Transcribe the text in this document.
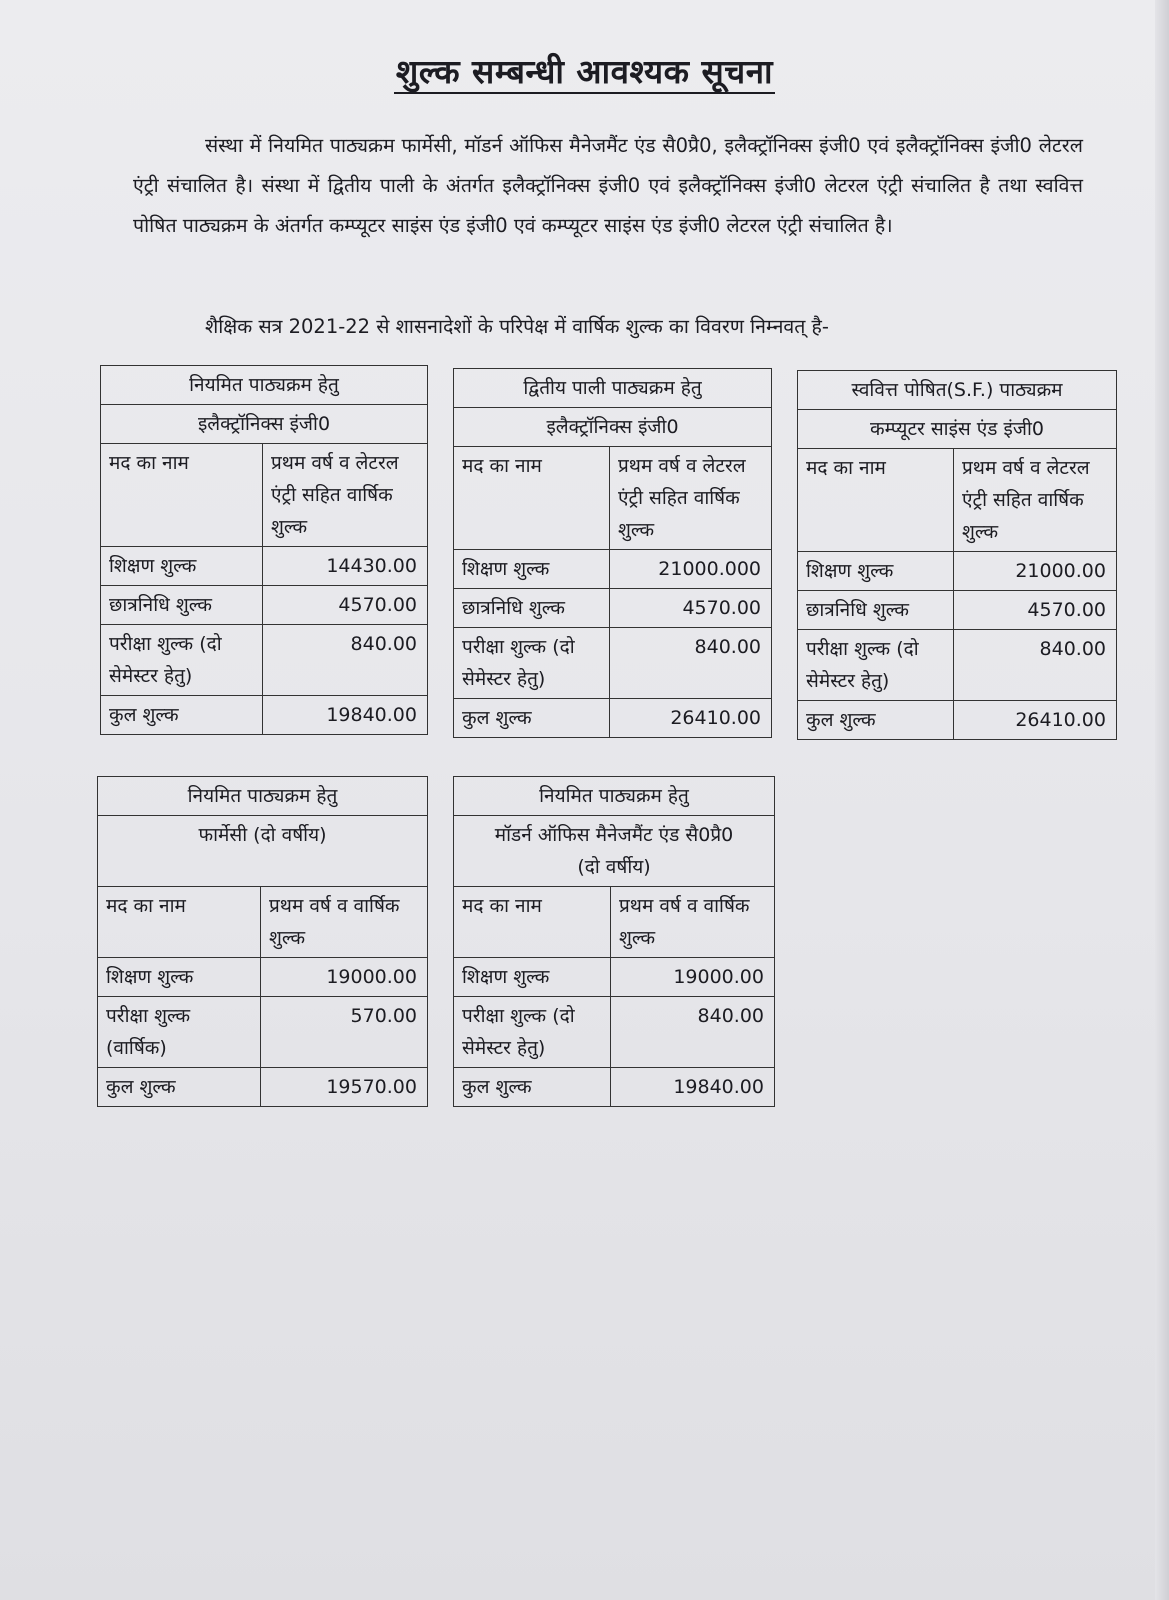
शुल्क सम्बन्धी आवश्यक सूचना

संस्था में नियमित पाठ्यक्रम फार्मेसी, मॉडर्न ऑफिस मैनेजमैंट एंड सै0प्रै0, इलैक्ट्रॉनिक्स इंजी0 एवं इलैक्ट्रॉनिक्स इंजी0 लेटरल एंट्री संचालित है। संस्था में द्वितीय पाली के अंतर्गत इलैक्ट्रॉनिक्स इंजी0 एवं इलैक्ट्रॉनिक्स इंजी0 लेटरल एंट्री संचालित है तथा स्ववित्त पोषित पाठ्यक्रम के अंतर्गत कम्प्यूटर साइंस एंड इंजी0 एवं कम्प्यूटर साइंस एंड इंजी0 लेटरल एंट्री संचालित है।

शैक्षिक सत्र 2021-22 से शासनादेशों के परिपेक्ष में वार्षिक शुल्क का विवरण निम्नवत् है-

नियमित पाठ्यक्रम हेतु	
इलैक्ट्रॉनिक्स इंजी0	
मद का नाम	प्रथम वर्ष व लेटरल एंट्री सहित वार्षिक शुल्क
शिक्षण शुल्क	14430.00
छात्रनिधि शुल्क	4570.00
परीक्षा शुल्क (दो सेमेस्टर हेतु)	840.00
कुल शुल्क	19840.00
द्वितीय पाली पाठ्यक्रम हेतु	
इलैक्ट्रॉनिक्स इंजी0	
मद का नाम	प्रथम वर्ष व लेटरल एंट्री सहित वार्षिक शुल्क
शिक्षण शुल्क	21000.000
छात्रनिधि शुल्क	4570.00
परीक्षा शुल्क (दो सेमेस्टर हेतु)	840.00
कुल शुल्क	26410.00
स्ववित्त पोषित(S.F.) पाठ्यक्रम	
कम्प्यूटर साइंस एंड इंजी0	
मद का नाम	प्रथम वर्ष व लेटरल एंट्री सहित वार्षिक शुल्क
शिक्षण शुल्क	21000.00
छात्रनिधि शुल्क	4570.00
परीक्षा शुल्क (दो सेमेस्टर हेतु)	840.00
कुल शुल्क	26410.00
नियमित पाठ्यक्रम हेतु	
फार्मेसी (दो वर्षीय)	
मद का नाम	प्रथम वर्ष व वार्षिक शुल्क
शिक्षण शुल्क	19000.00
परीक्षा शुल्क (वार्षिक)	570.00
कुल शुल्क	19570.00
नियमित पाठ्यक्रम हेतु	
मॉडर्न ऑफिस मैनेजमैंट एंड सै0प्रै0 (दो वर्षीय)	
मद का नाम	प्रथम वर्ष व वार्षिक शुल्क
शिक्षण शुल्क	19000.00
परीक्षा शुल्क (दो सेमेस्टर हेतु)	840.00
कुल शुल्क	19840.00
